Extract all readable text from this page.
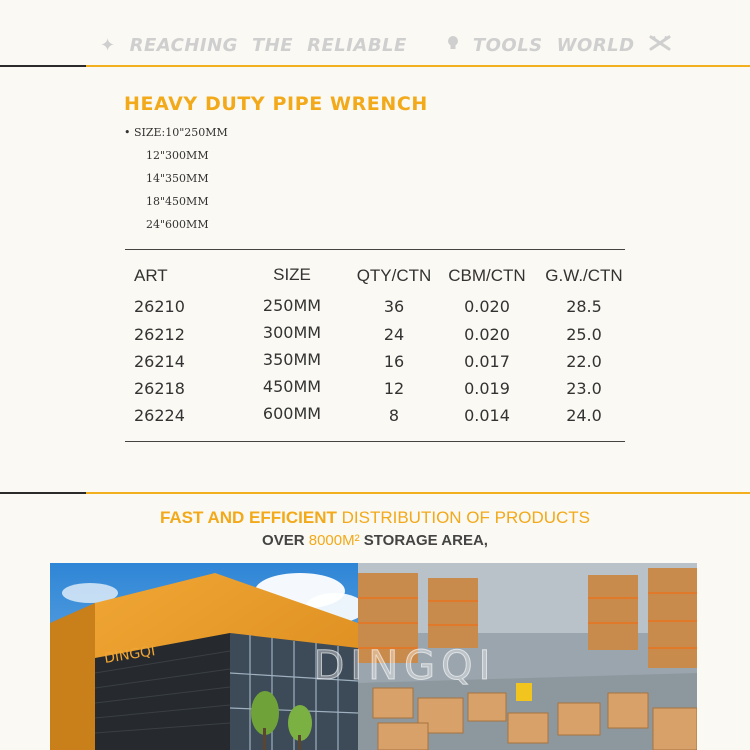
✦ REACHING THE RELIABLE	TOOLS WORLD
HEAVY DUTY PIPE WRENCH
• SIZE:10"250MM
12"300MM
14"350MM
18"450MM
24"600MM
ART	SIZE	QTY/CTN CBM/CTN G.W./CTN
26210	250MM	36	0.020	28.5
26212	300MM	24	0.020	25.0
26214	350MM	16	0.017	22.0
26218	450MM	12	0.019	23.0
26224	600MM	8	0.014	24.0
FAST AND EFFICIENT DISTRIBUTION OF PRODUCTS
OVER 8000M² STORAGE AREA,
DINGQI	DINGQI
